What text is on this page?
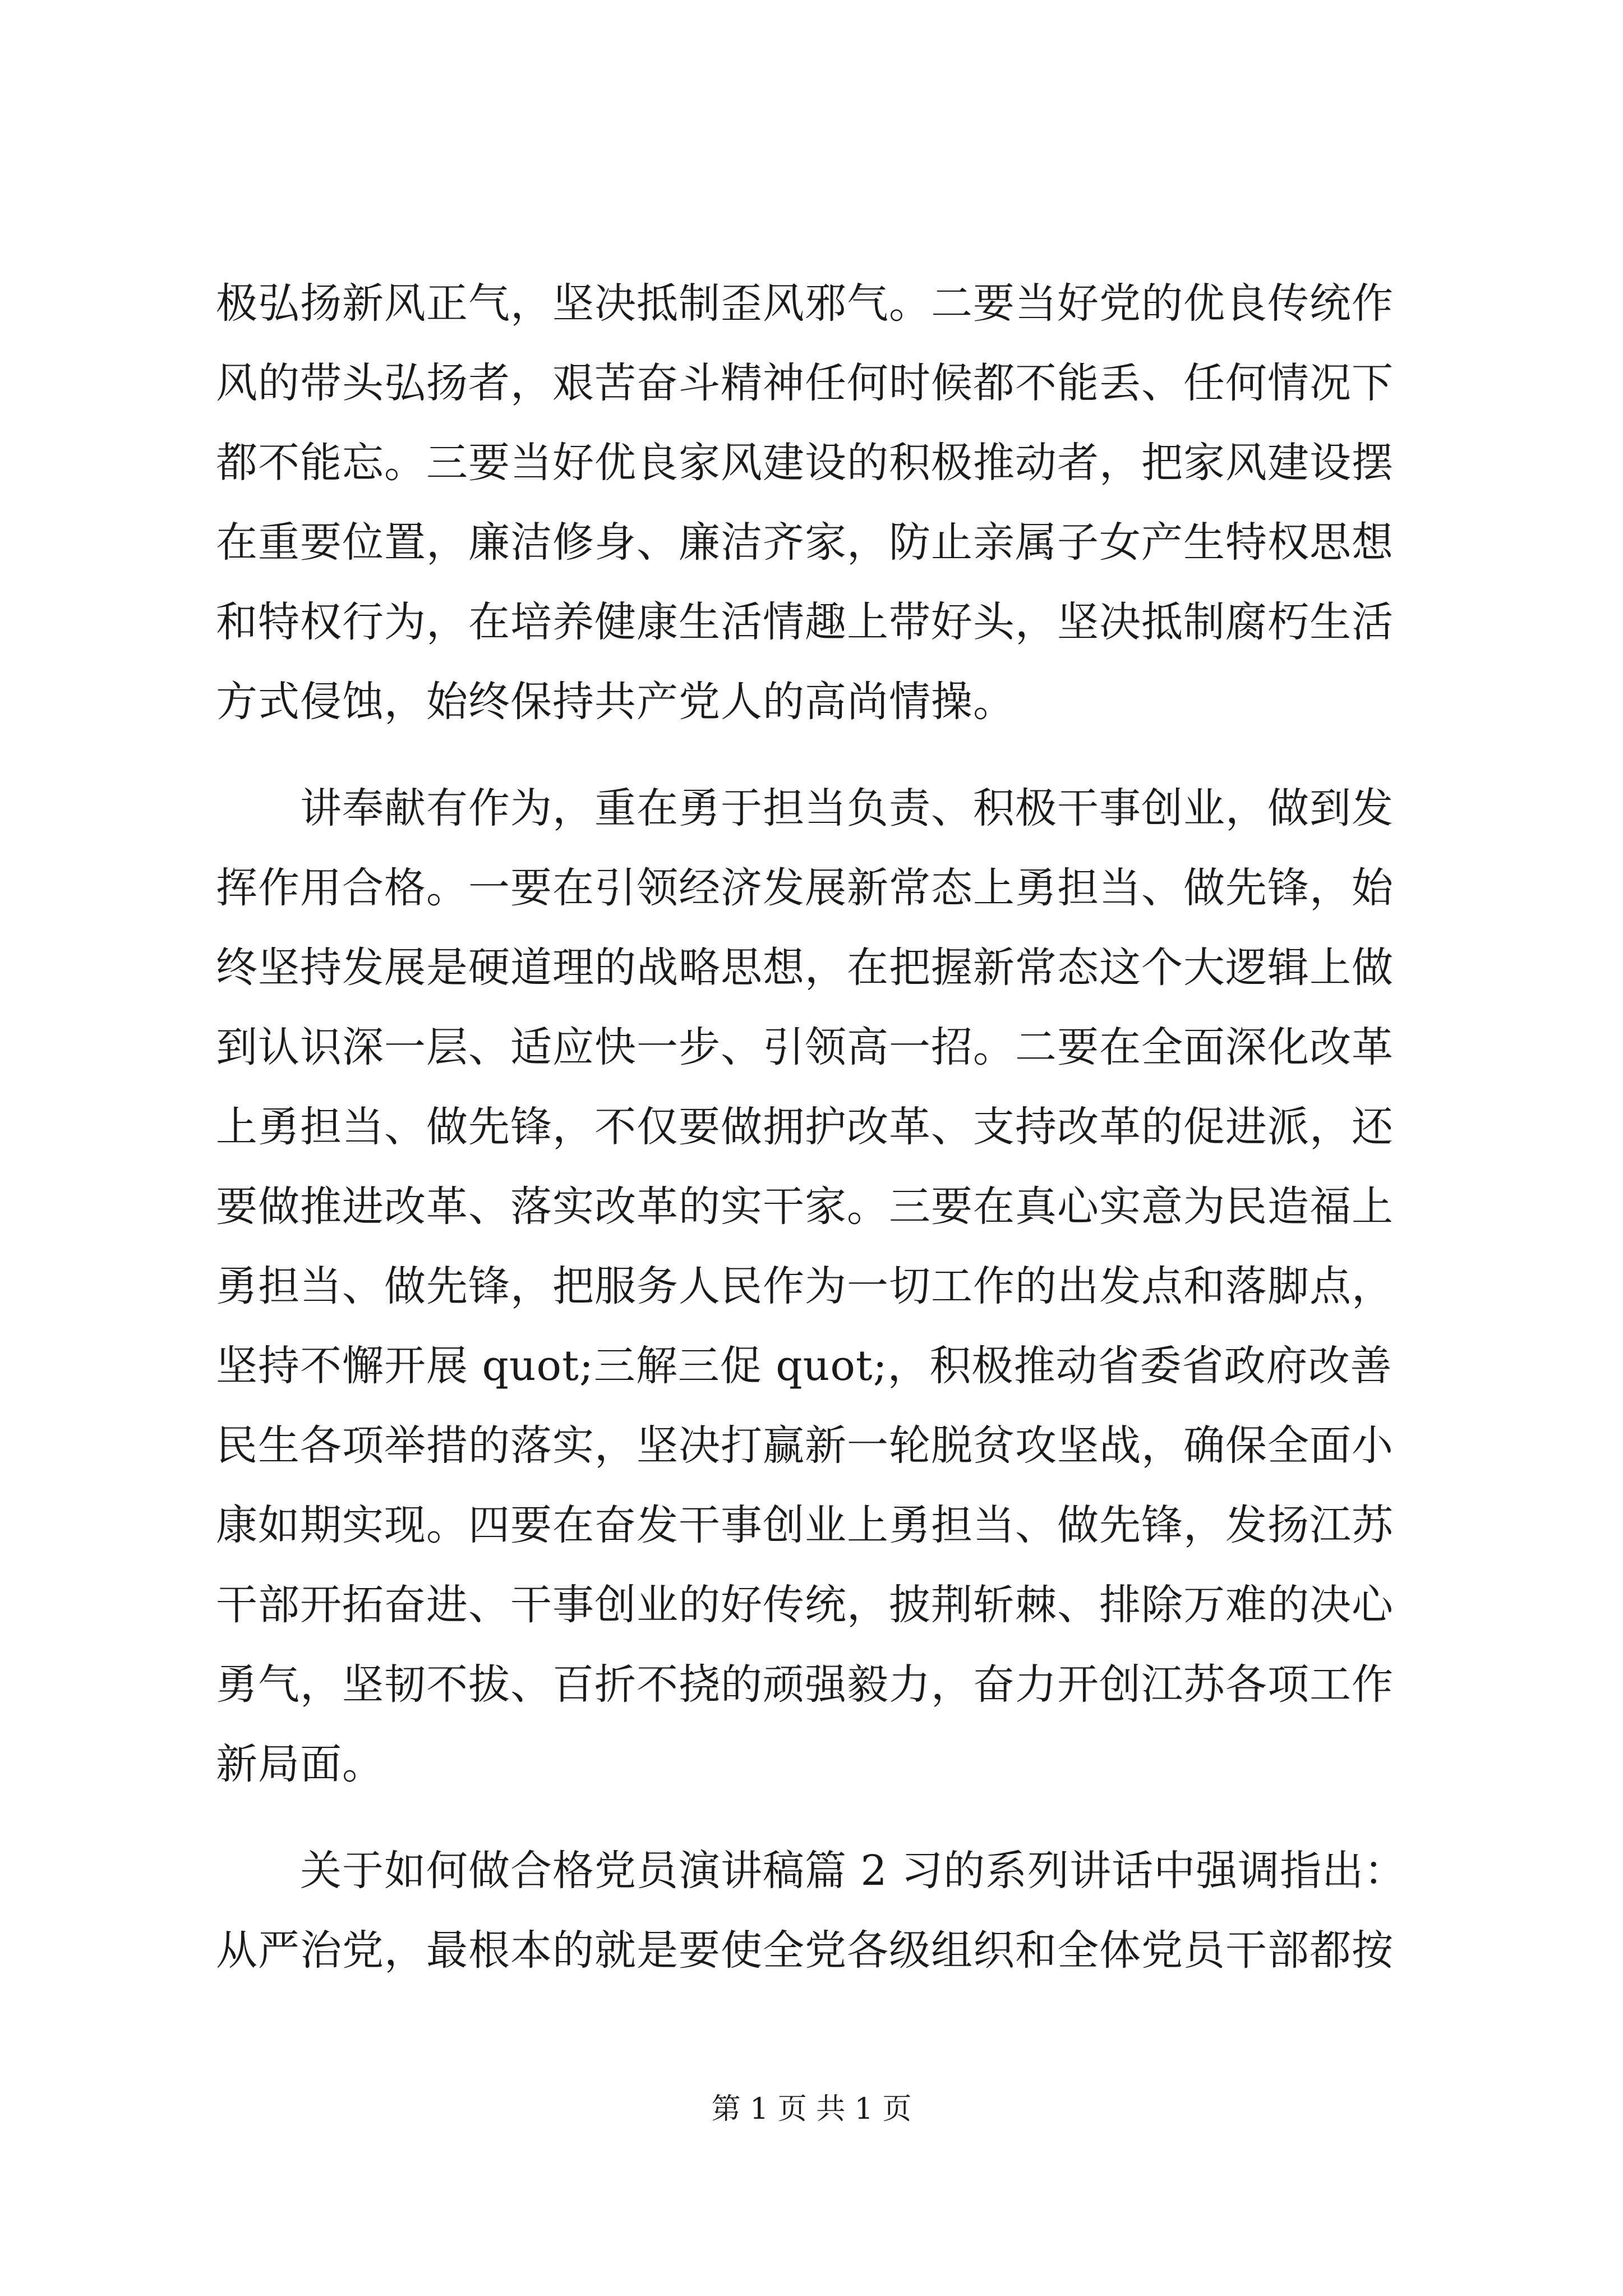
极弘扬新风正气，坚决抵制歪风邪气。二要当好党的优良传统作
风的带头弘扬者，艰苦奋斗精神任何时候都不能丢、任何情况下
都不能忘。三要当好优良家风建设的积极推动者，把家风建设摆
在重要位置，廉洁修身、廉洁齐家，防止亲属子女产生特权思想
和特权行为，在培养健康生活情趣上带好头，坚决抵制腐朽生活
方式侵蚀，始终保持共产党人的高尚情操。
　　讲奉献有作为，重在勇于担当负责、积极干事创业，做到发
挥作用合格。一要在引领经济发展新常态上勇担当、做先锋，始
终坚持发展是硬道理的战略思想，在把握新常态这个大逻辑上做
到认识深一层、适应快一步、引领高一招。二要在全面深化改革
上勇担当、做先锋，不仅要做拥护改革、支持改革的促进派，还
要做推进改革、落实改革的实干家。三要在真心实意为民造福上
勇担当、做先锋，把服务人民作为一切工作的出发点和落脚点，
坚持不懈开展 quot;三解三促 quot;，积极推动省委省政府改善
民生各项举措的落实，坚决打赢新一轮脱贫攻坚战，确保全面小
康如期实现。四要在奋发干事创业上勇担当、做先锋，发扬江苏
干部开拓奋进、干事创业的好传统，披荆斩棘、排除万难的决心
勇气，坚韧不拔、百折不挠的顽强毅力，奋力开创江苏各项工作
新局面。
　　关于如何做合格党员演讲稿篇 2 习的系列讲话中强调指出：
从严治党，最根本的就是要使全党各级组织和全体党员干部都按
第 1 页 共 1 页
